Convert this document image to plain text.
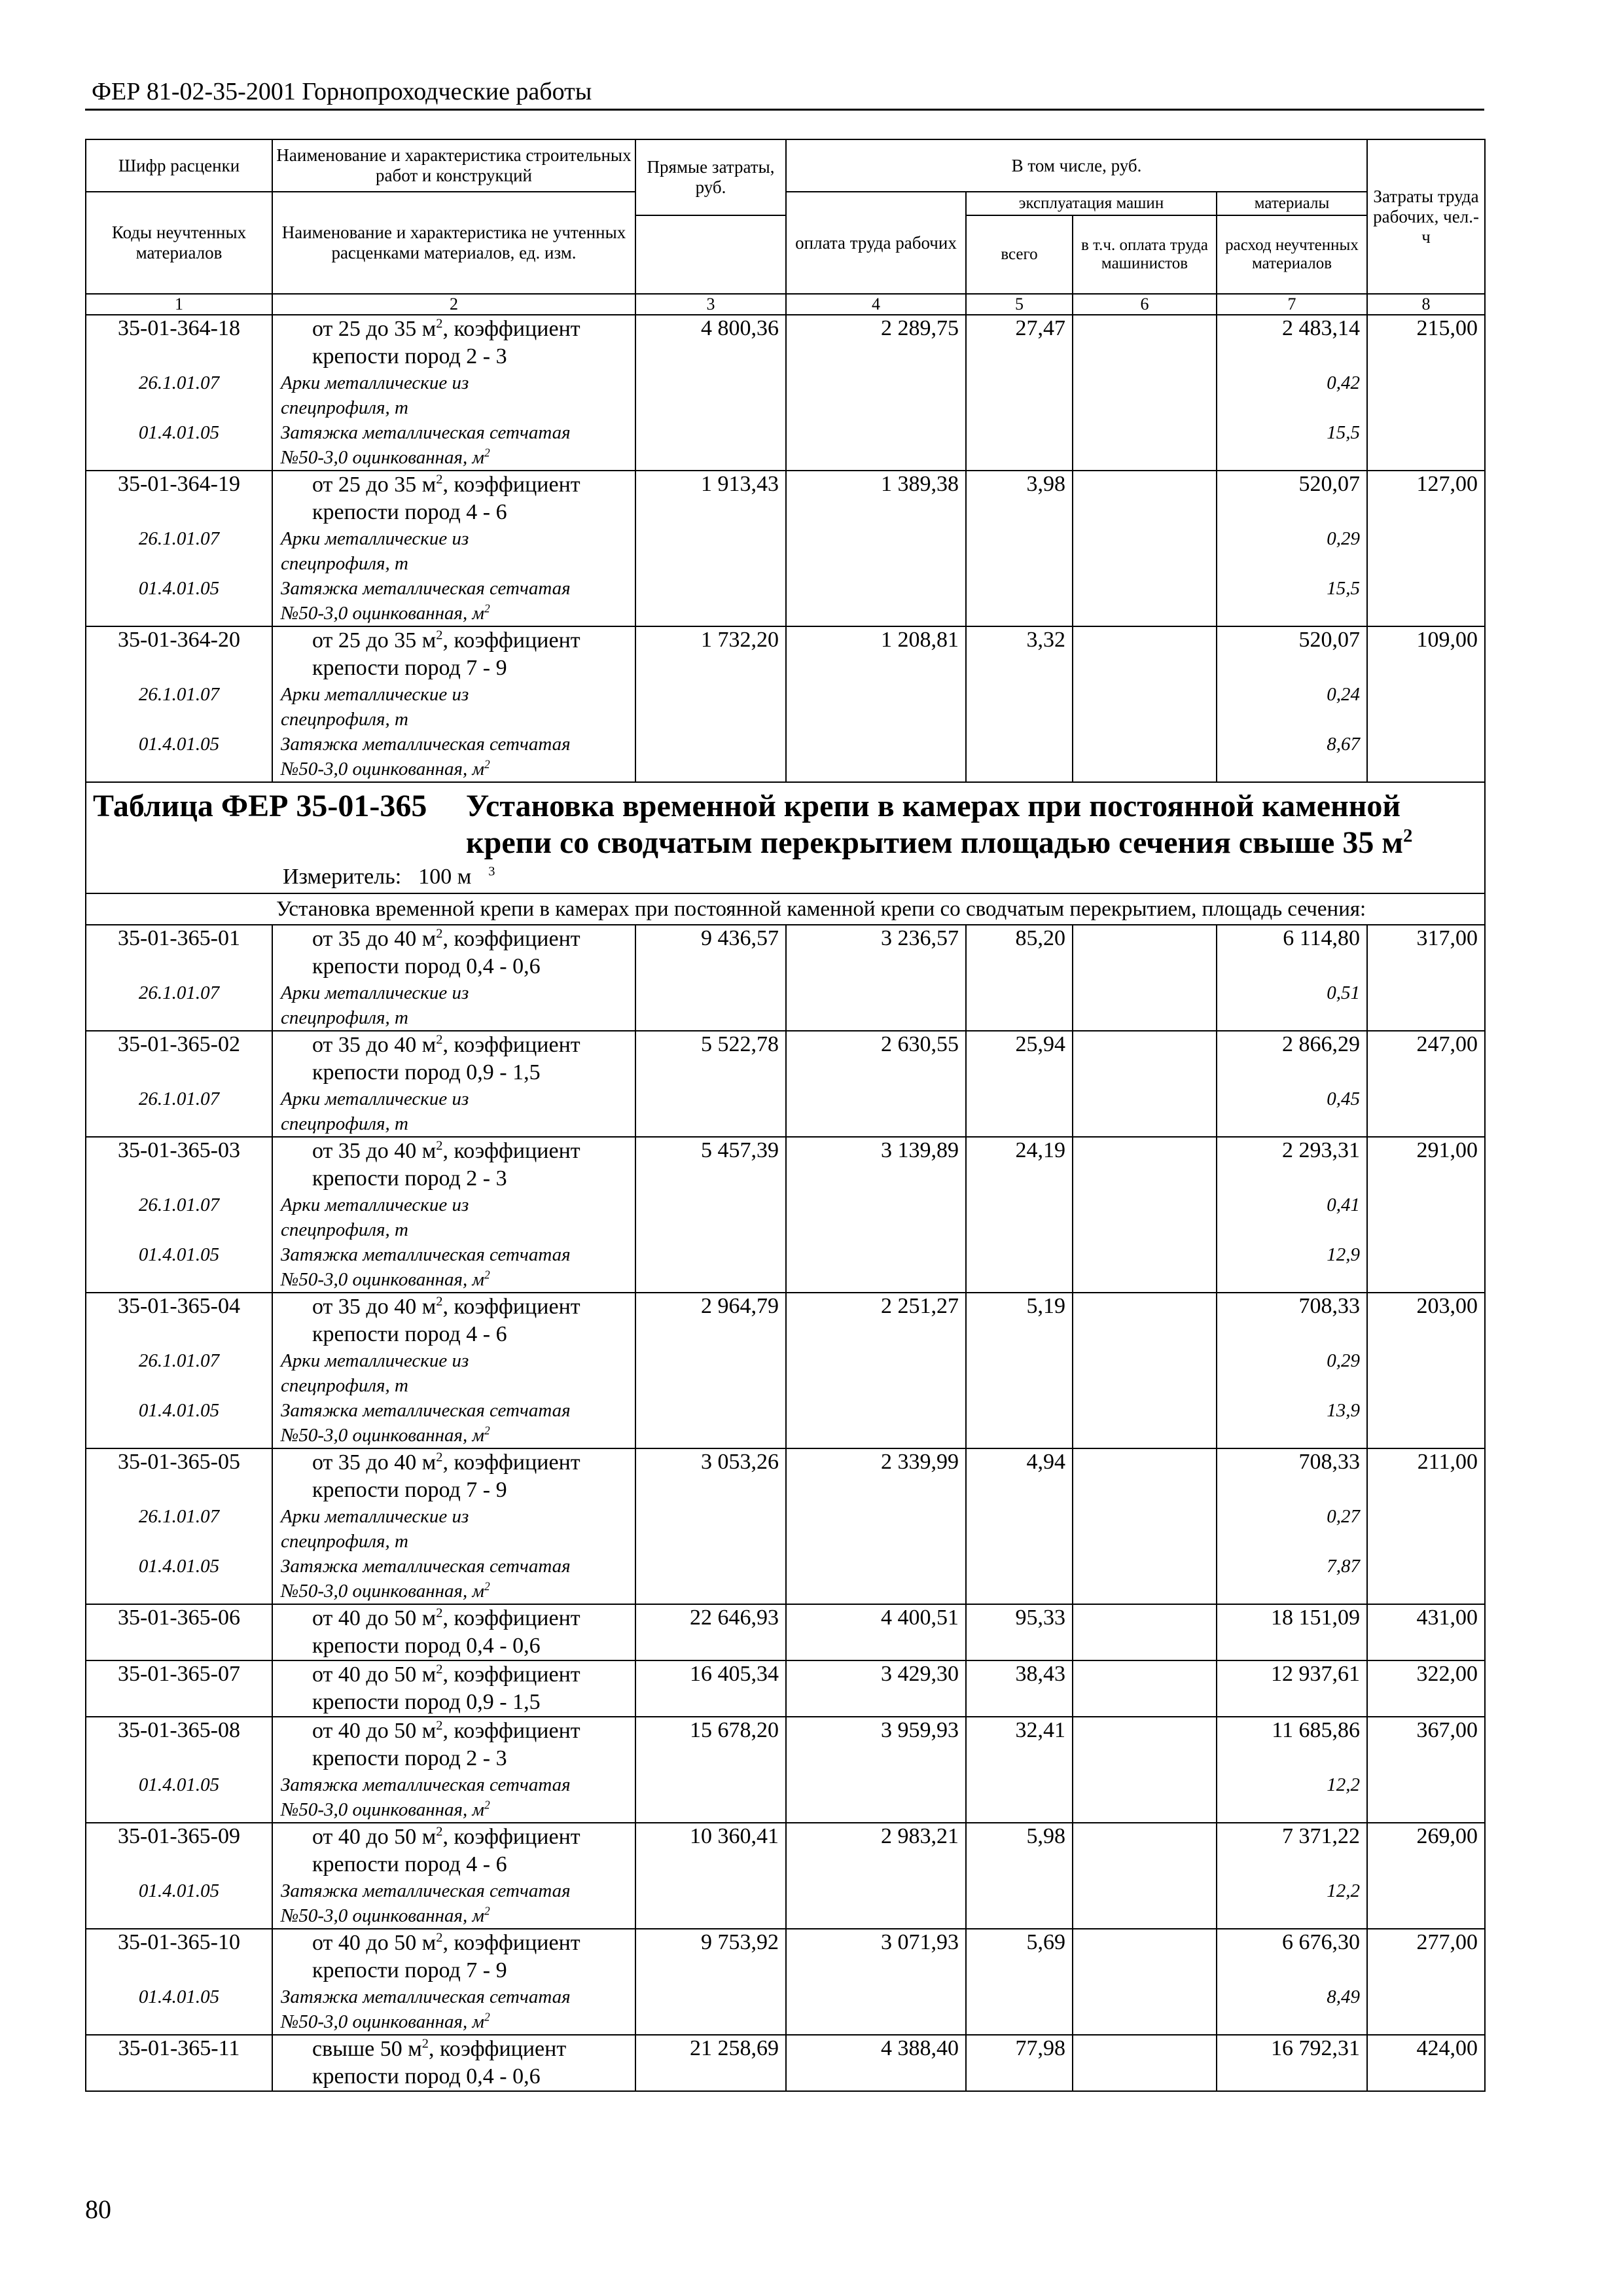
ФЕР 81-02-35-2001 Горнопроходческие работы
Шифр расценки	Наименование и характеристика строительных работ и конструкций	Прямые затраты, руб.	В том числе, руб.				Затраты труда рабочих, чел.-ч
Коды неучтенных материалов	Наименование и характеристика не учтенных расценками материалов, ед. изм.						
			оплата труда рабочих	эксплуатация машин		материалы	
				всего	в т.ч. оплата труда машинистов	расход неучтенных материалов	
1	2	3	4	5	6	7	8
35-01-364-18	от 25 до 35 $м^2$, коэффициент
крепости пород 2 - 3	4 800,36	2 289,75	27,47		2 483,14	215,00
26.1.01.07	Арки металлические из
спецпрофиля, т					0,42	
01.4.01.05	Затяжка металлическая сетчатая
№50-3,0 оцинкованная, $м^2$					15,5	
35-01-364-19	от 25 до 35 $м^2$, коэффициент
крепости пород 4 - 6	1 913,43	1 389,38	3,98		520,07	127,00
26.1.01.07	Арки металлические из
спецпрофиля, т					0,29	
01.4.01.05	Затяжка металлическая сетчатая
№50-3,0 оцинкованная, $м^2$					15,5	
35-01-364-20	от 25 до 35 $м^2$, коэффициент
крепости пород 7 - 9	1 732,20	1 208,81	3,32		520,07	109,00
26.1.01.07	Арки металлические из
спецпрофиля, т					0,24	
01.4.01.05	Затяжка металлическая сетчатая
№50-3,0 оцинкованная, $м^2$					8,67	

Таблица ФЕР 35-01-365 Установка временной крепи в камерах при постоянной каменной крепи со сводчатым перекрытием площадью сечения свыше 35 $м^2$
Измеритель: 100 м $^3$

Установка временной крепи в камерах при постоянной каменной крепи со сводчатым перекрытием, площадь сечения:							
35-01-365-01	от 35 до 40 $м^2$, коэффициент
крепости пород 0,4 - 0,6	9 436,57	3 236,57	85,20		6 114,80	317,00
26.1.01.07	Арки металлические из
спецпрофиля, т					0,51	
35-01-365-02	от 35 до 40 $м^2$, коэффициент
крепости пород 0,9 - 1,5	5 522,78	2 630,55	25,94		2 866,29	247,00
26.1.01.07	Арки металлические из
спецпрофиля, т					0,45	
35-01-365-03	от 35 до 40 $м^2$, коэффициент
крепости пород 2 - 3	5 457,39	3 139,89	24,19		2 293,31	291,00
26.1.01.07	Арки металлические из
спецпрофиля, т					0,41	
01.4.01.05	Затяжка металлическая сетчатая
№50-3,0 оцинкованная, $м^2$					12,9	
35-01-365-04	от 35 до 40 $м^2$, коэффициент
крепости пород 4 - 6	2 964,79	2 251,27	5,19		708,33	203,00
26.1.01.07	Арки металлические из
спецпрофиля, т					0,29	
01.4.01.05	Затяжка металлическая сетчатая
№50-3,0 оцинкованная, $м^2$					13,9	
35-01-365-05	от 35 до 40 $м^2$, коэффициент
крепости пород 7 - 9	3 053,26	2 339,99	4,94		708,33	211,00
26.1.01.07	Арки металлические из
спецпрофиля, т					0,27	
01.4.01.05	Затяжка металлическая сетчатая
№50-3,0 оцинкованная, $м^2$					7,87	
35-01-365-06	от 40 до 50 $м^2$, коэффициент
крепости пород 0,4 - 0,6	22 646,93	4 400,51	95,33		18 151,09	431,00
35-01-365-07	от 40 до 50 $м^2$, коэффициент
крепости пород 0,9 - 1,5	16 405,34	3 429,30	38,43		12 937,61	322,00
35-01-365-08	от 40 до 50 $м^2$, коэффициент
крепости пород 2 - 3	15 678,20	3 959,93	32,41		11 685,86	367,00
01.4.01.05	Затяжка металлическая сетчатая
№50-3,0 оцинкованная, $м^2$					12,2	
35-01-365-09	от 40 до 50 $м^2$, коэффициент
крепости пород 4 - 6	10 360,41	2 983,21	5,98		7 371,22	269,00
01.4.01.05	Затяжка металлическая сетчатая
№50-3,0 оцинкованная, $м^2$					12,2	
35-01-365-10	от 40 до 50 $м^2$, коэффициент
крепости пород 7 - 9	9 753,92	3 071,93	5,69		6 676,30	277,00
01.4.01.05	Затяжка металлическая сетчатая
№50-3,0 оцинкованная, $м^2$					8,49	
35-01-365-11	свыше 50 $м^2$, коэффициент
крепости пород 0,4 - 0,6	21 258,69	4 388,40	77,98		16 792,31	424,00
80
